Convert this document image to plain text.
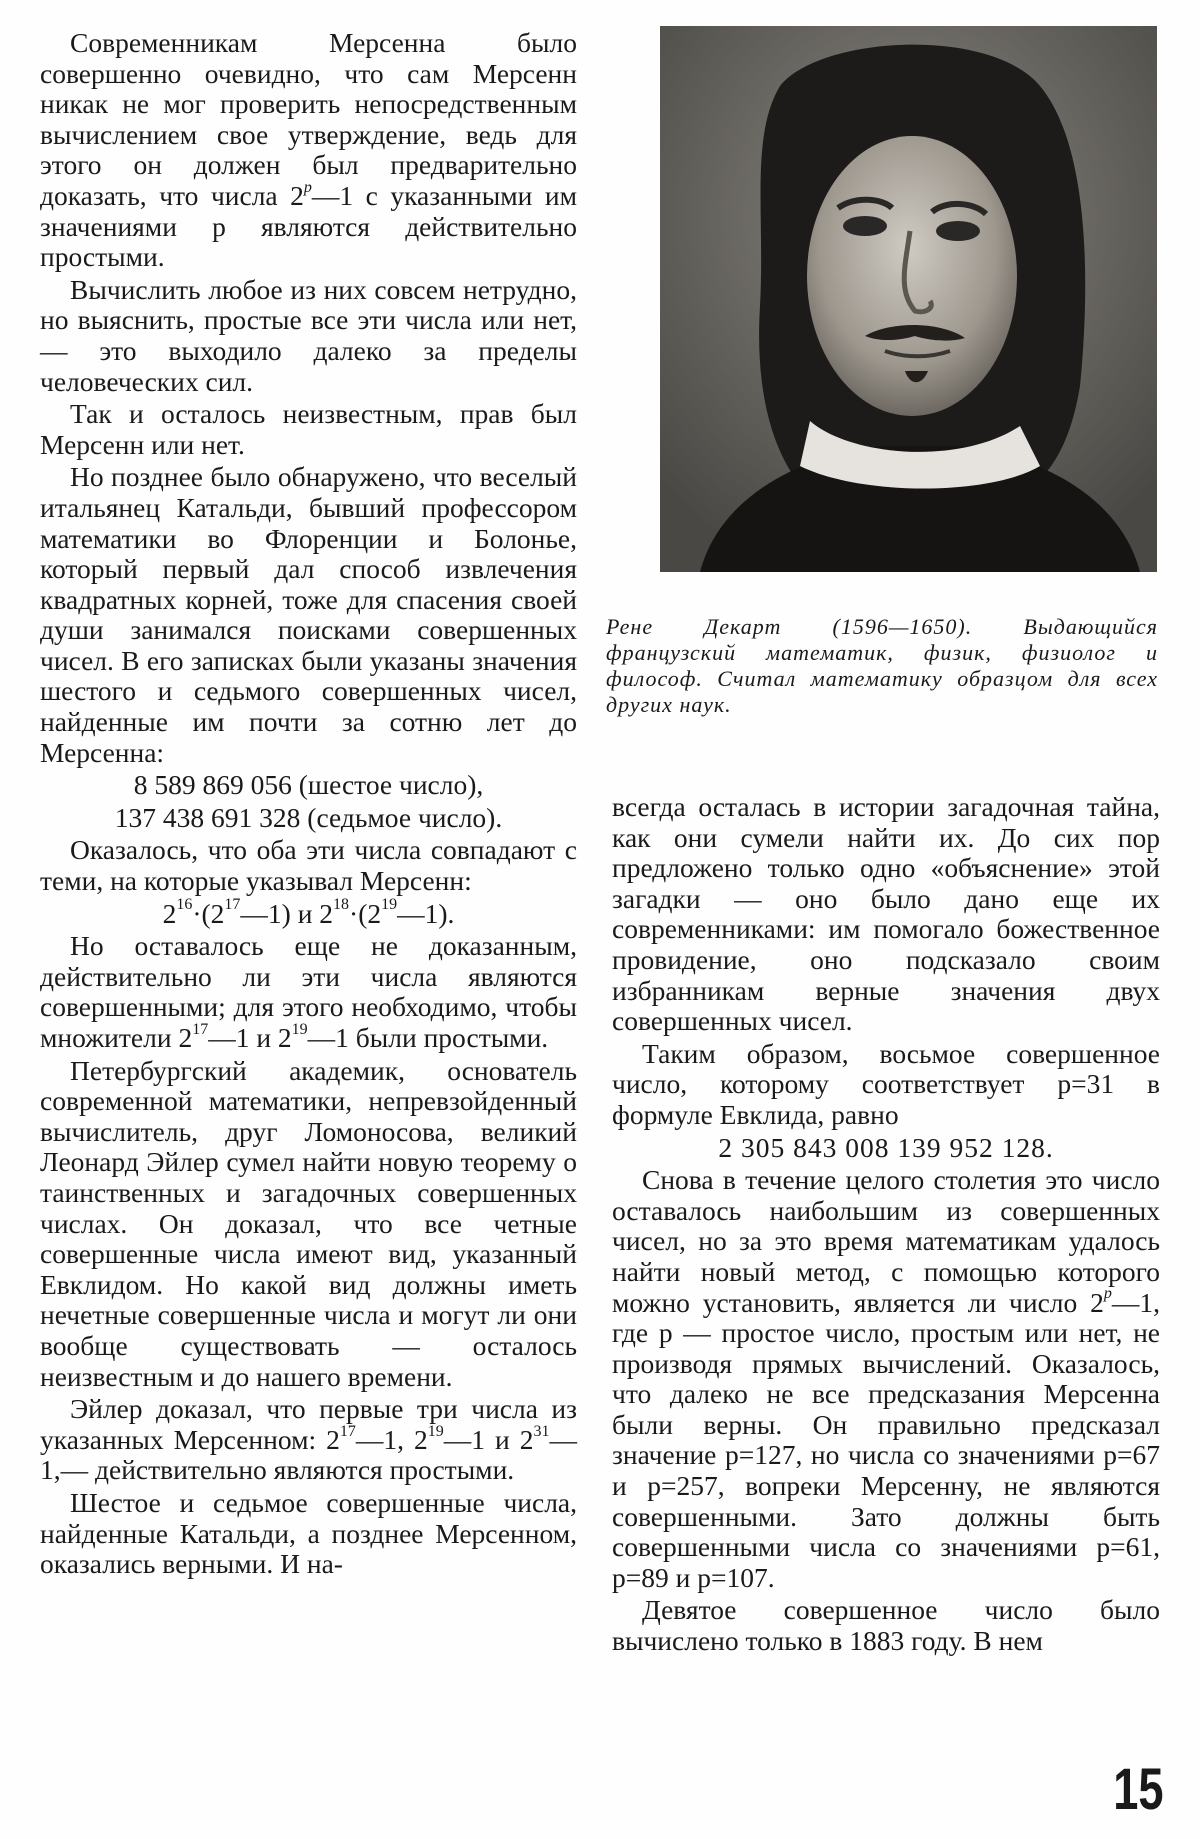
Современникам Мерсенна было совершенно очевидно, что сам Мерсенн никак не мог проверить непосредственным вычислением свое утверждение, ведь для этого он должен был предварительно доказать, что числа 2$^p$—1 с указанными им значениями p являются действительно простыми.

Вычислить любое из них совсем нетрудно, но выяснить, простые все эти числа или нет,— это выходило далеко за пределы человеческих сил.

Так и осталось неизвестным, прав был Мерсенн или нет.

Но позднее было обнаружено, что веселый итальянец Катальди, бывший профессором математики во Флоренции и Болонье, который первый дал способ извлечения квадратных корней, тоже для спасения своей души занимался поисками совершенных чисел. В его записках были указаны значения шестого и седьмого совершенных чисел, найденные им почти за сотню лет до Мерсенна:

8 589 869 056 (шестое число),

137 438 691 328 (седьмое число).

Оказалось, что оба эти числа совпадают с теми, на которые указывал Мерсенн:

$2^{16}\cdot(2^{17}—1)$ и $2^{18}\cdot(2^{19}—1)$.

Но оставалось еще не доказанным, действительно ли эти числа являются совершенными; для этого необходимо, чтобы множители $2^{17}—1$ и $2^{19}—1$ были простыми.

Петербургский академик, основатель современной математики, непревзойденный вычислитель, друг Ломоносова, великий Леонард Эйлер сумел найти новую теорему о таинственных и загадочных совершенных числах. Он доказал, что все четные совершенные числа имеют вид, указанный Евклидом. Но какой вид должны иметь нечетные совершенные числа и могут ли они вообще существовать — осталось неизвестным и до нашего времени.

Эйлер доказал, что первые три числа из указанных Мерсенном: $2^{17}—1$, $2^{19}—1$ и $2^{31}—1,—$ действительно являются простыми.

Шестое и седьмое совершенные числа, найденные Катальди, а позднее Мерсенном, оказались верными. И на-

Рене Декарт (1596—1650). Выдающийся французский математик, физик, физиолог и философ. Считал математику образцом для всех других наук.

всегда осталась в истории загадочная тайна, как они сумели найти их. До сих пор предложено только одно «объяснение» этой загадки — оно было дано еще их современниками: им помогало божественное провидение, оно подсказало своим избранникам верные значения двух совершенных чисел.

Таким образом, восьмое совершенное число, которому соответствует p=31 в формуле Евклида, равно

2 305 843 008 139 952 128.

Снова в течение целого столетия это число оставалось наибольшим из совершенных чисел, но за это время математикам удалось найти новый метод, с помощью которого можно установить, является ли число 2$^p$—1, где p — простое число, простым или нет, не производя прямых вычислений. Оказалось, что далеко не все предсказания Мерсенна были верны. Он правильно предсказал значение p=127, но числа со значениями p=67 и p=257, вопреки Мерсенну, не являются совершенными. Зато должны быть совершенными числа со значениями p=61, p=89 и p=107.

Девятое совершенное число было вычислено только в 1883 году. В нем

15
